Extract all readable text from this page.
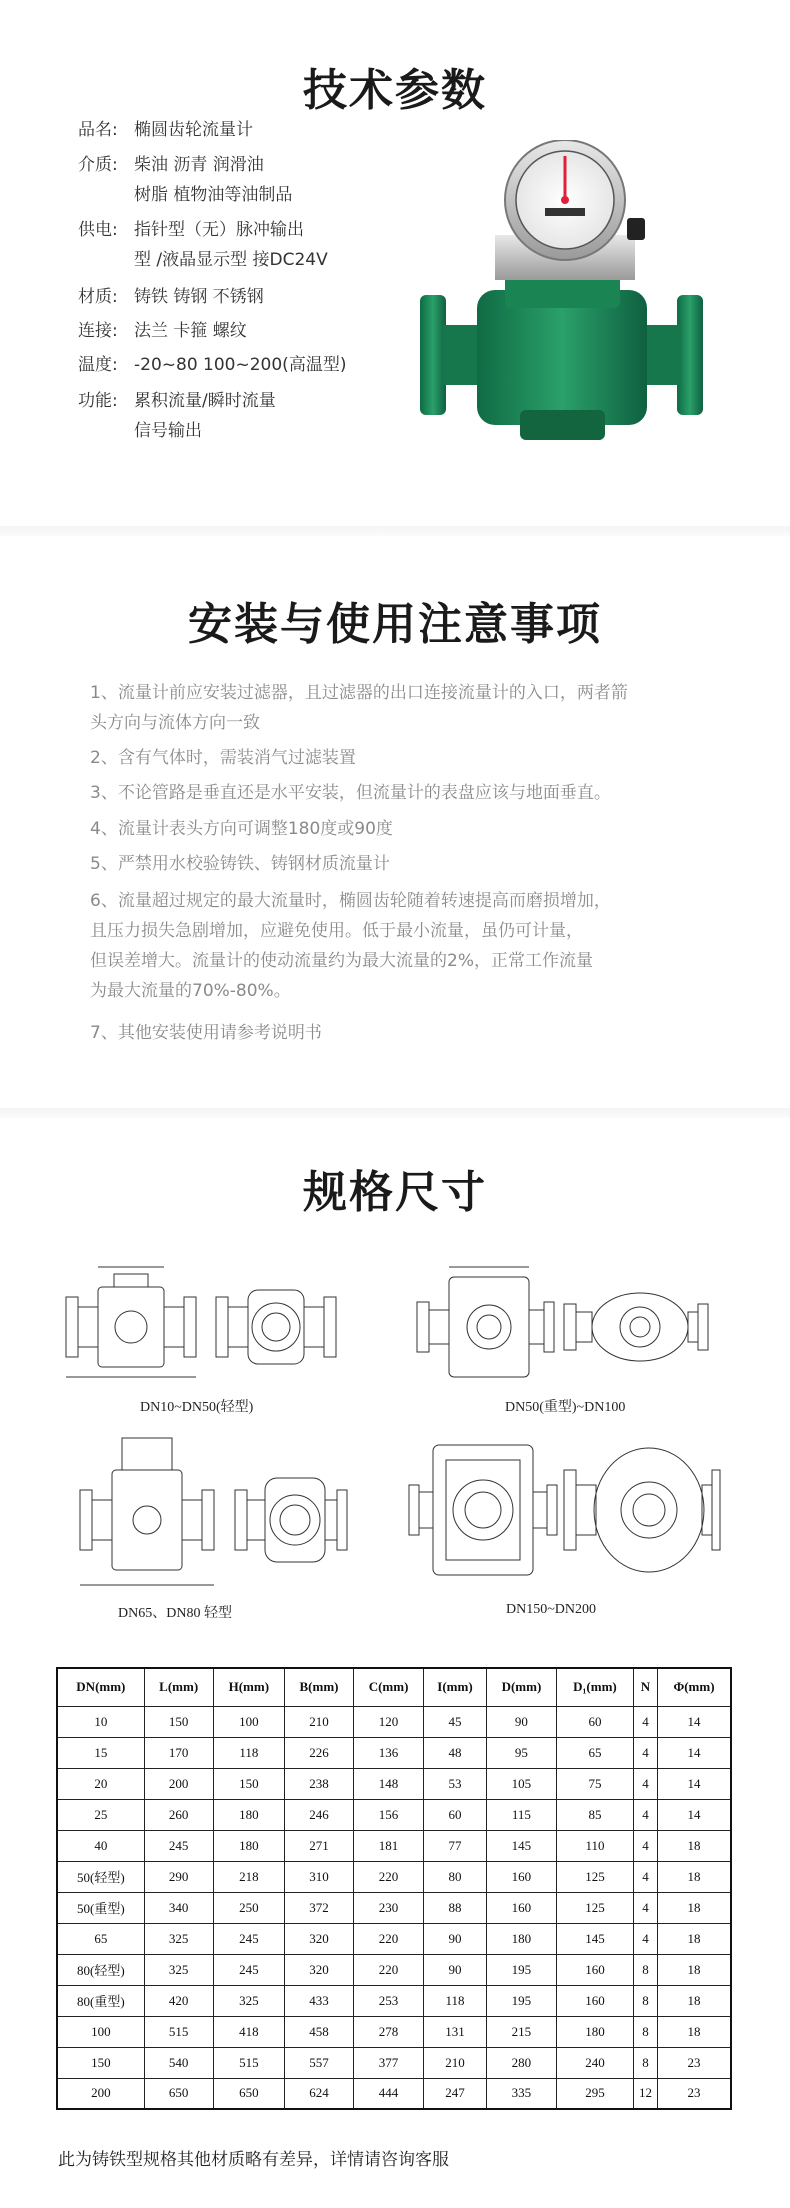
技术参数
品名: 椭圆齿轮流量计
介质: 柴油 沥青 润滑油
树脂 植物油等油制品
供电: 指针型（无）脉冲输出
型 /液晶显示型 接DC24V
材质: 铸铁 铸钢 不锈钢
连接: 法兰 卡箍 螺纹
温度: -20~80 100~200(高温型)
功能: 累积流量/瞬时流量
信号输出
安装与使用注意事项
1、流量计前应安装过滤器，且过滤器的出口连接流量计的入口，两者箭
头方向与流体方向一致
2、含有气体时，需装消气过滤装置
3、不论管路是垂直还是水平安装，但流量计的表盘应该与地面垂直。
4、流量计表头方向可调整180度或90度
5、严禁用水校验铸铁、铸钢材质流量计
6、流量超过规定的最大流量时，椭圆齿轮随着转速提高而磨损增加，
且压力损失急剧增加，应避免使用。低于最小流量，虽仍可计量，
但误差增大。流量计的使动流量约为最大流量的2%，正常工作流量
为最大流量的70%-80%。
7、其他安装使用请参考说明书
规格尺寸
DN10~DN50(轻型)	DN50(重型)~DN100
DN65、DN80 轻型	DN150~DN200
DN(mm)	L(mm)	H(mm)	B(mm)	C(mm)	I(mm)	D(mm)	D₁(mm)	N	Φ(mm)
10	150	100	210	120	45	90	60	4	14
15	170	118	226	136	48	95	65	4	14
20	200	150	238	148	53	105	75	4	14
25	260	180	246	156	60	115	85	4	14
40	245	180	271	181	77	145	110	4	18
50(轻型)	290	218	310	220	80	160	125	4	18
50(重型)	340	250	372	230	88	160	125	4	18
65	325	245	320	220	90	180	145	4	18
80(轻型)	325	245	320	220	90	195	160	8	18
80(重型)	420	325	433	253	118	195	160	8	18
100	515	418	458	278	131	215	180	8	18
150	540	515	557	377	210	280	240	8	23
200	650	650	624	444	247	335	295	12	23
此为铸铁型规格其他材质略有差异，详情请咨询客服
